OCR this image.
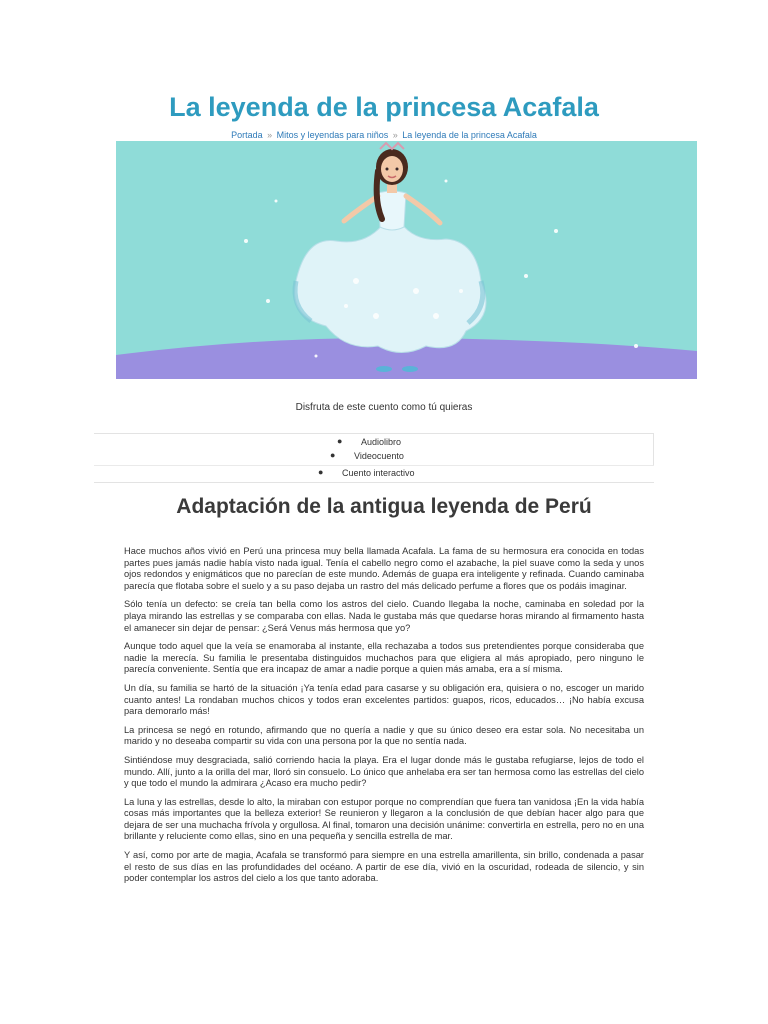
La leyenda de la princesa Acafala
Portada » Mitos y leyendas para niños » La leyenda de la princesa Acafala
Disfruta de este cuento como tú quieras
● Audiolibro
● Videocuento
● Cuento interactivo
Adaptación de la antigua leyenda de Perú

Hace muchos años vivió en Perú una princesa muy bella llamada Acafala. La fama de su hermosura era conocida en todas partes pues jamás nadie había visto nada igual. Tenía el cabello negro como el azabache, la piel suave como la seda y unos ojos redondos y enigmáticos que no parecían de este mundo. Además de guapa era inteligente y refinada. Cuando caminaba parecía que flotaba sobre el suelo y a su paso dejaba un rastro del más delicado perfume a flores que os podáis imaginar.

Sólo tenía un defecto: se creía tan bella como los astros del cielo. Cuando llegaba la noche, caminaba en soledad por la playa mirando las estrellas y se comparaba con ellas. Nada le gustaba más que quedarse horas mirando al firmamento hasta el amanecer sin dejar de pensar: ¿Será Venus más hermosa que yo?

Aunque todo aquel que la veía se enamoraba al instante, ella rechazaba a todos sus pretendientes porque consideraba que nadie la merecía. Su familia le presentaba distinguidos muchachos para que eligiera al más apropiado, pero ninguno le parecía conveniente. Sentía que era incapaz de amar a nadie porque a quien más amaba, era a sí misma.

Un día, su familia se hartó de la situación ¡Ya tenía edad para casarse y su obligación era, quisiera o no, escoger un marido cuanto antes! La rondaban muchos chicos y todos eran excelentes partidos: guapos, ricos, educados… ¡No había excusa para demorarlo más!

La princesa se negó en rotundo, afirmando que no quería a nadie y que su único deseo era estar sola. No necesitaba un marido y no deseaba compartir su vida con una persona por la que no sentía nada.

Sintiéndose muy desgraciada, salió corriendo hacia la playa. Era el lugar donde más le gustaba refugiarse, lejos de todo el mundo. Allí, junto a la orilla del mar, lloró sin consuelo. Lo único que anhelaba era ser tan hermosa como las estrellas del cielo y que todo el mundo la admirara ¿Acaso era mucho pedir?

La luna y las estrellas, desde lo alto, la miraban con estupor porque no comprendían que fuera tan vanidosa ¡En la vida había cosas más importantes que la belleza exterior! Se reunieron y llegaron a la conclusión de que debían hacer algo para que dejara de ser una muchacha frívola y orgullosa. Al final, tomaron una decisión unánime: convertirla en estrella, pero no en una brillante y reluciente como ellas, sino en una pequeña y sencilla estrella de mar.

Y así, como por arte de magia, Acafala se transformó para siempre en una estrella amarillenta, sin brillo, condenada a pasar el resto de sus días en las profundidades del océano. A partir de ese día, vivió en la oscuridad, rodeada de silencio, y sin poder contemplar los astros del cielo a los que tanto adoraba.
